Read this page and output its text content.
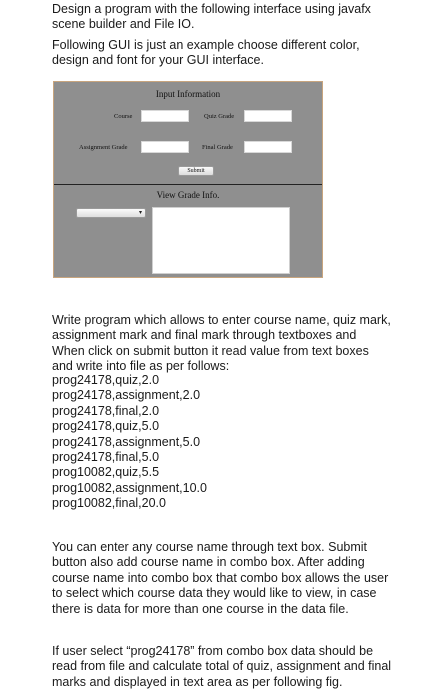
Design a program with the following interface using javafx scene builder and File IO.

Following GUI is just an example choose different color, design and font for your GUI interface.

Input Information
Course	Quiz Grade
Assignment Grade	Final Grade
Submit
View Grade Info.
▾

Write program which allows to enter course name, quiz mark, assignment mark and final mark through textboxes and When click on submit button it read value from text boxes and write into file as per follows:

prog24178,quiz,2.0
prog24178,assignment,2.0
prog24178,final,2.0
prog24178,quiz,5.0
prog24178,assignment,5.0
prog24178,final,5.0
prog10082,quiz,5.5
prog10082,assignment,10.0
prog10082,final,20.0

You can enter any course name through text box. Submit button also add course name in combo box. After adding course name into combo box that combo box allows the user to select which course data they would like to view, in case there is data for more than one course in the data file.

If user select “prog24178” from combo box data should be read from file and calculate total of quiz, assignment and final marks and displayed in text area as per following fig.
